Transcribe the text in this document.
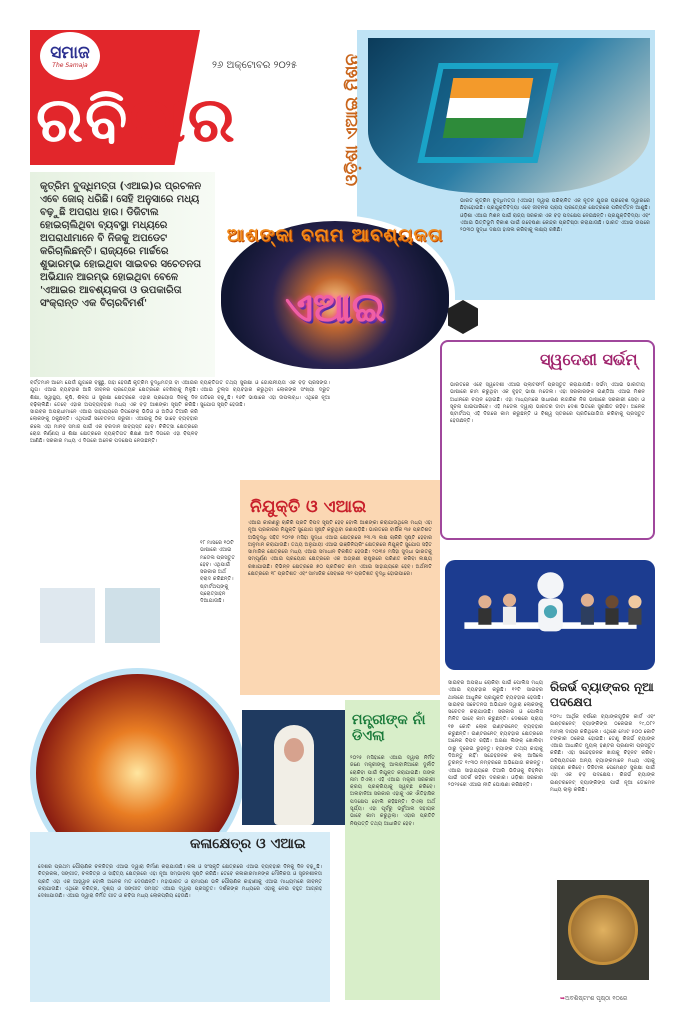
ସମାଜ
The Samaja
ରବିବାର
୨୬ ଅକ୍ଟୋବର ୨୦୨୫	ଓଡ଼ିଶା ଏଆଇ ମିଶନ
କୃତ୍ରିମ ବୁଦ୍ଧିମତ୍ତା (ଏଆଇ)ର ପ୍ରଚଳନ ଏବେ ଜୋର୍ ଧରିଛି। ସେହି ଅନୁସାରେ ମଧ୍ୟ ବଢ଼ୁଛି ଅପରାଧ ହାର। ଡିଜିଟାଲ ହୋଇଚାଲିଥିବା ବ୍ୟବସ୍ଥା ମଧ୍ୟରେ ଅପରାଧୀମାନେ ବି ନିଜକୁ ଅପଡେଟ କରିଚାଲିଛନ୍ତି। ରାଜ୍ୟରେ ମାର୍ଚ୍ଚରେ ଶୁଭାରମ୍ଭ ହୋଇଥିବା ସାଇବର ସଚେତନତା ଅଭିଯାନ ଆରମ୍ଭ ହୋଇଥିବା ବେଳେ 'ଏଆଇର ଆବଶ୍ୟକତା ଓ ଉପକାରିତା ସଂକ୍ରାନ୍ତ ଏକ ବିଚାରବିମର୍ଶ'
ଆଶଙ୍କା ବନାମ ଆବଶ୍ୟକତା
ଏଆଇ
ଭାରତ କୃତ୍ରିମ ବୁଦ୍ଧିମତ୍ତା (ଏଆଇ) ଦ୍ୱାରା ପରିଚାଳିତ ଏକ ନୂତନ ଯୁଗର ପ୍ରବେଶ ଦ୍ୱାରରେ ଛିଡ଼ାହୋଇଛି। ପ୍ରଯୁକ୍ତିବିଦ୍ୟା ଏବେ ଜୀବନର ପ୍ରାୟ ପ୍ରତ୍ୟେକ କ୍ଷେତ୍ରରେ ପରିବର୍ତ୍ତନ ଆଣୁଛି। ଓଡ଼ିଶା ଏଆଇ ମିଶନ ପାଇଁ ରାଜ୍ୟ ସରକାର ଏକ ବଡ଼ ପଦକ୍ଷେପ ନେଇଛନ୍ତି। ପ୍ରଯୁକ୍ତିବିଦ୍ୟା ଏବଂ ଏଆଇ ଭିତ୍ତିଭୂମି ବିକାଶ ପାଇଁ ଗବେଷଣା କେନ୍ଦ୍ର ପ୍ରତିଷ୍ଠା କରାଯାଉଛି। ଭାରତ ଏଆଇ ଉପରେ ୨୦୩୦ ସୁଦ୍ଧା ଦକ୍ଷତା ହାସଲ କରିବାକୁ ଲକ୍ଷ୍ୟ ରଖିଛି।
ବର୍ତ୍ତମାନ ଆମେ ଯେଉଁ ଯୁଗରେ ବଞ୍ଚୁଛୁ, ତାହା ହେଉଛି କୃତ୍ରିମ ବୁଦ୍ଧିମତ୍ତା ବା ଏଆଇର ଯୁଗ। ଏଆଇ ବ୍ୟବହାର ଆଜି ଜୀବନର ପ୍ରତ୍ୟେକ କ୍ଷେତ୍ରରେ ଦେଖିବାକୁ ମିଳୁଛି। ଶିକ୍ଷା, ସ୍ୱାସ୍ଥ୍ୟ, କୃଷି, ଶିଳ୍ପ ଓ ସୁରକ୍ଷା କ୍ଷେତ୍ରରେ ଏହାର ପ୍ରୟୋଗ ଦିନକୁ ଦିନ ବଢ଼ିଚାଲିଛି। ତେବେ ଏହାର ଅପବ୍ୟବହାର ମଧ୍ୟ ଏକ ବଡ଼ ଆଶଙ୍କା ସୃଷ୍ଟି କରିଛି। ସାଇବର ଅପରାଧୀମାନେ ଏଆଇ ସାହାଯ୍ୟରେ ଡିପଫେକ୍ ଭିଡିଓ ଓ ଅଡିଓ ତିଆରି କରି ଲୋକଙ୍କୁ ଠକୁଛନ୍ତି। ଏଥିପାଇଁ ସଚେତନତା ଜରୁରୀ। ଏଆଇକୁ ଠିକ୍ ଭାବେ ବ୍ୟବହାର କଲେ ଏହା ମାନବ ସମାଜ ପାଇଁ ଏକ ବରଦାନ ସାବ୍ୟସ୍ତ ହେବ। ଚିକିତ୍ସା କ୍ଷେତ୍ରରେ ରୋଗ ନିର୍ଣ୍ଣୟ ଓ ଶିକ୍ଷା କ୍ଷେତ୍ରରେ ବ୍ୟକ୍ତିଗତ ଶିକ୍ଷଣ ଆଦି ଦିଗରେ ଏହା ବିପ୍ଳବ ଆଣିଛି। ସରକାର ମଧ୍ୟ ଏ ଦିଗରେ ଅନେକ ପଦକ୍ଷେପ ନେଉଛନ୍ତି।
ବ୍ୟକ୍ତିଗତ ତଥ୍ୟ ସୁରକ୍ଷା ଓ ଗୋପନୀୟତା ଏକ ବଡ଼ ପ୍ରସଙ୍ଗ। ଏଆଇ ଟୁଲ୍ସ ବ୍ୟବହାର କରୁଥିବା ଲୋକଙ୍କ ସଂଖ୍ୟା ଦ୍ରୁତ ଗତିରେ ବଢ଼ୁଛି। ୧୬ଟି ଭାଷାରେ ଏହା ଉପଲବ୍ଧ। ଏଥିରେ ନୂଆ ସୁଯୋଗ ସୃଷ୍ଟି ହେଉଛି।
ଭାରତରେ ଏବେ ସ୍ୱଦେଶୀ ଏଆଇ ପ୍ଲାଟଫର୍ମ ପ୍ରସ୍ତୁତ କରାଯାଉଛି। ସର୍ଭମ୍ ଏଆଇ ଭାରତୀୟ ଭାଷାରେ କାମ କରୁଥିବା ଏକ ବୃହତ୍ ଭାଷା ମଡେଲ। ଏହା ସରକାରଙ୍କ ଇଣ୍ଡିଆ ଏଆଇ ମିଶନ ଅଧୀନରେ ଚୟନ ହୋଇଛି। ଏହା ମାଧ୍ୟମରେ ସାଧାରଣ ନାଗରିକ ନିଜ ଭାଷାରେ ସରକାରୀ ସେବା ଓ ସୂଚନା ପାଇପାରିବେ। ଏହି ମଡେଲ ଦ୍ୱାରା ଭାରତର ଡାଟା ଦେଶ ଭିତରେ ସୁରକ୍ଷିତ ରହିବ। ଅନେକ ଷ୍ଟାର୍ଟଅପ୍ ଏହି ଦିଗରେ କାମ କରୁଛନ୍ତି ଓ ବିଶ୍ୱ ସ୍ତରରେ ପ୍ରତିଯୋଗିତା କରିବାକୁ ପ୍ରସ୍ତୁତ ହେଉଛନ୍ତି।
ସ୍ୱଦେଶୀ ସର୍ଭମ୍
ଏଆଇ କାରଣରୁ ଚାକିରି ପ୍ରତି ବିପଦ ସୃଷ୍ଟି ହେବ ବୋଲି ଆଶଙ୍କା କରାଯାଉଥିଲେ ମଧ୍ୟ ଏହା ନୂଆ ପ୍ରକାରର ନିଯୁକ୍ତି ସୁଯୋଗ ସୃଷ୍ଟି କରୁଥିବା ଜଣାପଡ଼ିଛି। ଭାରତରେ ବାର୍ଷିକ ୩୫ ପ୍ରତିଶତ ଅଭିବୃଦ୍ଧି ସହିତ ୨୦୨୭ ମସିହା ସୁଦ୍ଧା ଏଆଇ କ୍ଷେତ୍ରରେ ୨୩.୩ ଲକ୍ଷ ଚାକିରି ସୃଷ୍ଟି ହେବାର ଅନୁମାନ କରାଯାଉଛି। ତଥ୍ୟ ଅନୁଯାୟୀ ଏଆଇ ଇଞ୍ଜିନିୟରିଂ କ୍ଷେତ୍ରରେ ନିଯୁକ୍ତି ସୁଯୋଗ ସହିତ ସାମାଜିକ କ୍ଷେତ୍ରରେ ମଧ୍ୟ ଏଆଇ ସମାଧାନ ବିକଶିତ ହେଉଛି। ୨୦୩୫ ମସିହା ସୁଦ୍ଧା ଭାରତକୁ ସମ୍ପୂର୍ଣ୍ଣ ଏଆଇ ପ୍ରୟୋଗ କ୍ଷେତ୍ରରେ ଏକ ଅଗ୍ରଣୀ ରାଷ୍ଟ୍ରରେ ପରିଣତ କରିବା ଲକ୍ଷ୍ୟ ରଖାଯାଇଛି। ବିଭିନ୍ନ କ୍ଷେତ୍ରରେ ୭୦ ପ୍ରତିଶତ କାମ ଏଆଇ ସାହାଯ୍ୟରେ ହେବ। ଅର୍ଥନୀତି କ୍ଷେତ୍ରରେ ୧୮ ପ୍ରତିଶତ ଏବଂ ସାମାଜିକ ସେବାରେ ୩୨ ପ୍ରତିଶତ ବୃଦ୍ଧି ହୋଇପାରେ।
ନିଯୁକ୍ତି ଓ ଏଆଇ
୧୮ ମାସରେ ୧୦ଟି ଭାଷାରେ ଏଆଇ ମଡେଲ ପ୍ରସ୍ତୁତ ହେବ। ଏଥିପାଇଁ ସରକାର ଅର୍ଥ ବରାଦ କରିଛନ୍ତି। ଷ୍ଟାର୍ଟଅପ୍‌ଙ୍କୁ ପ୍ରୋତ୍ସାହନ ଦିଆଯାଉଛି।
୨୦୨୫ ମସିହାରେ ଏଆଇ ଦ୍ୱାରା ନିର୍ମିତ ଜଣେ ମନ୍ତ୍ରୀଙ୍କୁ ଆଲବାନିଆରେ ଦୁର୍ନୀତି ରୋକିବା ପାଇଁ ନିଯୁକ୍ତ କରାଯାଇଛି। ତାଙ୍କ ନାମ ଡିଏଲା। ଏହି ଏଆଇ ମନ୍ତ୍ରୀ ସରକାରୀ କ୍ରୟ ପ୍ରକ୍ରିୟାକୁ ସ୍ୱଚ୍ଛ କରିବେ। ଅଲବାନିଆ ସରକାର ଏହାକୁ ଏକ ଐତିହାସିକ ପଦକ୍ଷେପ ବୋଲି କହିଛନ୍ତି। ଡିଏଲା ଅର୍ଥ ସୂର୍ଯ୍ୟ। ଏହା ପୂର୍ବରୁ ଭର୍ଚୁଆଲ ସହାୟକ ଭାବେ କାମ କରୁଥିଲା। ଏହାର ପ୍ରତିଟି ନିଷ୍ପତ୍ତି ତଥ୍ୟ ଆଧାରିତ ହେବ।
ମନ୍ତ୍ରୀଙ୍କ ନାଁ ଡିଏଲା
ଦେଶର ପ୍ରଥମ ପୌରାଣିକ ଚଳଚ୍ଚିତ୍ର ଏଆଇ ଦ୍ୱାରା ନିର୍ମାଣ କରାଯାଉଛି। କଳା ଓ ସଂସ୍କୃତି କ୍ଷେତ୍ରରେ ଏଆଇ ବ୍ୟବହାର ଦିନକୁ ଦିନ ବଢ଼ୁଛି। ଚିତ୍ରକଳା, ସଙ୍ଗୀତ, ଚଳଚ୍ଚିତ୍ର ଓ ସାହିତ୍ୟ କ୍ଷେତ୍ରରେ ଏହା ନୂଆ ସମ୍ଭାବନା ସୃଷ୍ଟି କରିଛି। ତେବେ କଳାକାରମାନଙ୍କ ମୌଳିକତା ଓ ସୃଜନଶୀଳତା ପ୍ରତି ଏହା ଏକ ଆହ୍ୱାନ ବୋଲି ଅନେକ ମତ ଦେଉଛନ୍ତି। ମହାଭାରତ ଓ ରାମାୟଣ ଭଳି ପୌରାଣିକ କାହାଣୀକୁ ଏଆଇ ମାଧ୍ୟମରେ ଜୀବନ୍ତ କରାଯାଉଛି। ଏଥିରେ ଚରିତ୍ର, ଦୃଶ୍ୟ ଓ ସଙ୍ଗୀତ ସମସ୍ତ ଏଆଇ ଦ୍ୱାରା ପ୍ରସ୍ତୁତ। ଦର୍ଶକଙ୍କ ମଧ୍ୟରେ ଏହାକୁ ନେଇ ବହୁତ ଆଗ୍ରହ ଦେଖାଯାଉଛି। ଏଆଇ ଦ୍ୱାରା ନିର୍ମିତ ଗୀତ ଓ କବିତା ମଧ୍ୟ ଲୋକପ୍ରିୟ ହେଉଛି।
କଳାକ୍ଷେତ୍ର ଓ ଏଆଇ
ସାଇବର ଅପରାଧ ରୋକିବା ପାଇଁ ପୋଲିସ ମଧ୍ୟ ଏଆଇ ବ୍ୟବହାର କରୁଛି। ୧୨ଟି ସାଇବର ଥାନାରେ ଆଧୁନିକ ପ୍ରଯୁକ୍ତି ବ୍ୟବହାର ହେଉଛି। ସାଇବର ସଚେତନତା ଅଭିଯାନ ଦ୍ୱାରା ଲୋକଙ୍କୁ ସଚେତନ କରାଯାଉଛି। ସରକାର ଓ ପୋଲିସ ମିଳିତ ଭାବେ କାମ କରୁଛନ୍ତି। ଦେଶରେ ପ୍ରାୟ ୧୭ କୋଟି ଲୋକ ଇଣ୍ଟରନେଟ୍ ବ୍ୟବହାର କରୁଛନ୍ତି। ଇଣ୍ଟରନେଟ୍ ବ୍ୟବହାର କ୍ଷେତ୍ରରେ ଅନେକ ବିପଦ ରହିଛି। ଅଜଣା ଲିଙ୍କ୍ ଖୋଲିବା ଠାରୁ ଦୂରେଇ ରୁହନ୍ତୁ। ବ୍ୟାଙ୍କ ତଥ୍ୟ କାହାକୁ ଦିଅନ୍ତୁ ନାହିଁ। ସନ୍ଦେହଜନକ କଲ୍ ଆସିଲେ ତୁରନ୍ତ ୧୯୩୦ ନମ୍ବରରେ ଅଭିଯୋଗ କରନ୍ତୁ। ଏଆଇ ସାହାଯ୍ୟରେ ତିଆରି ଭିଡିଓକୁ ଚିହ୍ନିବା ପାଇଁ ସତର୍କ ରହିବା ଦରକାର। ଓଡ଼ିଶା ସରକାର ୨୦୨୫ରେ ଏଆଇ ନୀତି ଘୋଷଣା କରିଛନ୍ତି।
ରିଜର୍ଭ ବ୍ୟାଙ୍କର ନୂଆ ପଦକ୍ଷେପ
୨୦୨୪ ଆର୍ଥିକ ବର୍ଷରେ ବ୍ୟାଙ୍କଗୁଡ଼ିକ କାର୍ଡ ଏବଂ ଇଣ୍ଟରନେଟ୍ ବ୍ୟାଙ୍କିଙ୍ଗ ଠକେଇର ୨୯,୦୮୨ ମାମଲା ଦାୟର କରିଥିଲେ। ଏଥିରେ ମୋଟ ୫୦୦ କୋଟି ଟଙ୍କାର ଠକେଇ ହୋଇଛି। ତେଣୁ ରିଜର୍ଭ ବ୍ୟାଙ୍କ ଏଆଇ ଆଧାରିତ ମ୍ୟୁଲ୍ ହଣ୍ଟର ପ୍ରଣାଳୀ ପ୍ରସ୍ତୁତ କରିଛି। ଏହା ସନ୍ଦେହଜନକ ଖାତାକୁ ଚିହ୍ନଟ କରିବ। ଭବିଷ୍ୟତରେ ଅନ୍ୟ ବ୍ୟାଙ୍କମାନେ ମଧ୍ୟ ଏହାକୁ ଗ୍ରହଣ କରିବେ। ଡିଜିଟାଲ ପେମେଣ୍ଟ ସୁରକ୍ଷା ପାଇଁ ଏହା ଏକ ବଡ଼ ପଦକ୍ଷେପ। ରିଜର୍ଭ ବ୍ୟାଙ୍କ ଇଣ୍ଟରନେଟ୍ ବ୍ୟାଙ୍କିଙ୍ଗ ପାଇଁ ନୂଆ ଡୋମେନ ମଧ୍ୟ ଚାଲୁ କରିଛି।
➥ଅବଶିଷ୍ଟାଂଶ ପୃଷ୍ଠା ୧୦ରେ
